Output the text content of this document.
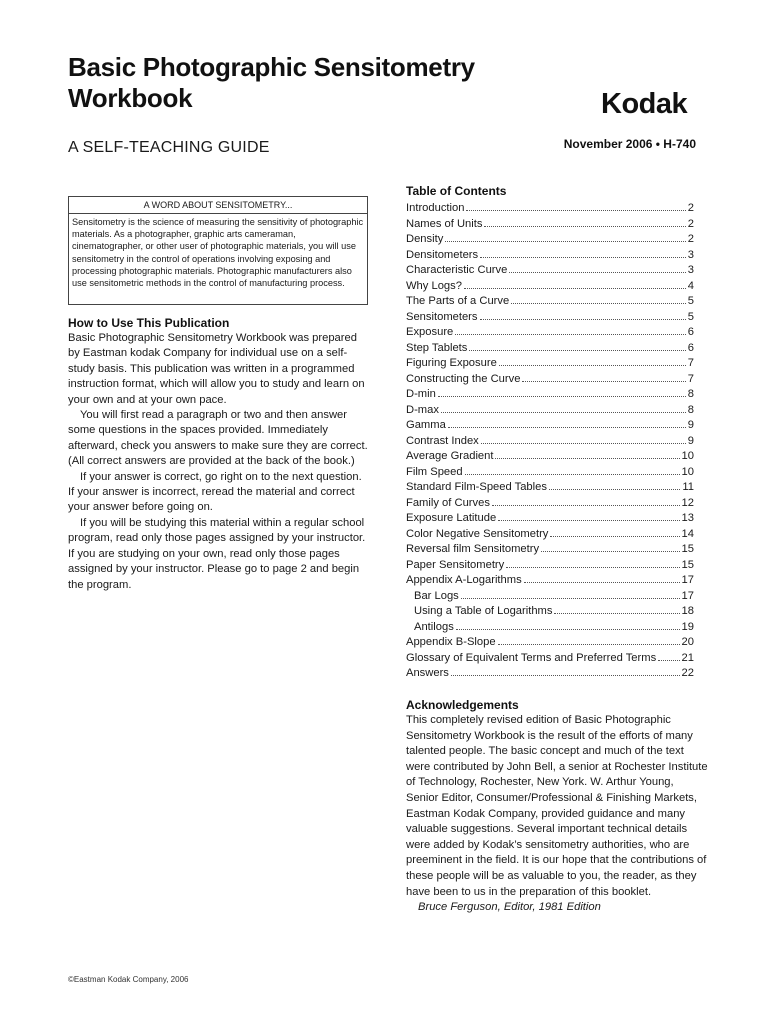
Basic Photographic Sensitometry Workbook	Kodak
A SELF-TEACHING GUIDE	November 2006 • H-740
A WORD ABOUT SENSITOMETRY...
Sensitometry is the science of measuring the sensitivity of photographic materials. As a photographer, graphic arts cameraman, cinematographer, or other user of photographic materials, you will use sensitometry in the control of operations involving exposing and processing photographic materials. Photographic manufacturers also use sensitometric methods in the control of manufacturing process.
How to Use This Publication

Basic Photographic Sensitometry Workbook was prepared by Eastman kodak Company for individual use on a self-study basis. This publication was written in a programmed instruction format, which will allow you to study and learn on your own and at your own pace.

You will first read a paragraph or two and then answer some questions in the spaces provided. Immediately afterward, check you answers to make sure they are correct. (All correct answers are provided at the back of the book.)

If your answer is correct, go right on to the next question. If your answer is incorrect, reread the material and correct your answer before going on.

If you will be studying this material within a regular school program, read only those pages assigned by your instructor. If you are studying on your own, read only those pages assigned by your instructor. Please go to page 2 and begin the program.

Table of Contents
Introduction	2
Names of Units	2
Density	2
Densitometers	3
Characteristic Curve	3
Why Logs?	4
The Parts of a Curve	5
Sensitometers	5
Exposure	6
Step Tablets	6
Figuring Exposure	7
Constructing the Curve	7
D-min	8
D-max	8
Gamma	9
Contrast Index	9
Average Gradient	10
Film Speed	10
Standard Film-Speed Tables	11
Family of Curves	12
Exposure Latitude	13
Color Negative Sensitometry	14
Reversal film Sensitometry	15
Paper Sensitometry	15
Appendix A-Logarithms	17
Bar Logs	17
Using a Table of Logarithms	18
Antilogs	19
Appendix B-Slope	20
Glossary of Equivalent Terms and Preferred Terms 21
Answers	22
Acknowledgements

This completely revised edition of Basic Photographic Sensitometry Workbook is the result of the efforts of many talented people. The basic concept and much of the text were contributed by John Bell, a senior at Rochester Institute of Technology, Rochester, New York. W. Arthur Young, Senior Editor, Consumer/Professional & Finishing Markets, Eastman Kodak Company, provided guidance and many valuable suggestions. Several important technical details were added by Kodak’s sensitometry authorities, who are preeminent in the field. It is our hope that the contributions of these people will be as valuable to you, the reader, as they have been to us in the preparation of this booklet.

Bruce Ferguson, Editor, 1981 Edition
©Eastman Kodak Company, 2006
